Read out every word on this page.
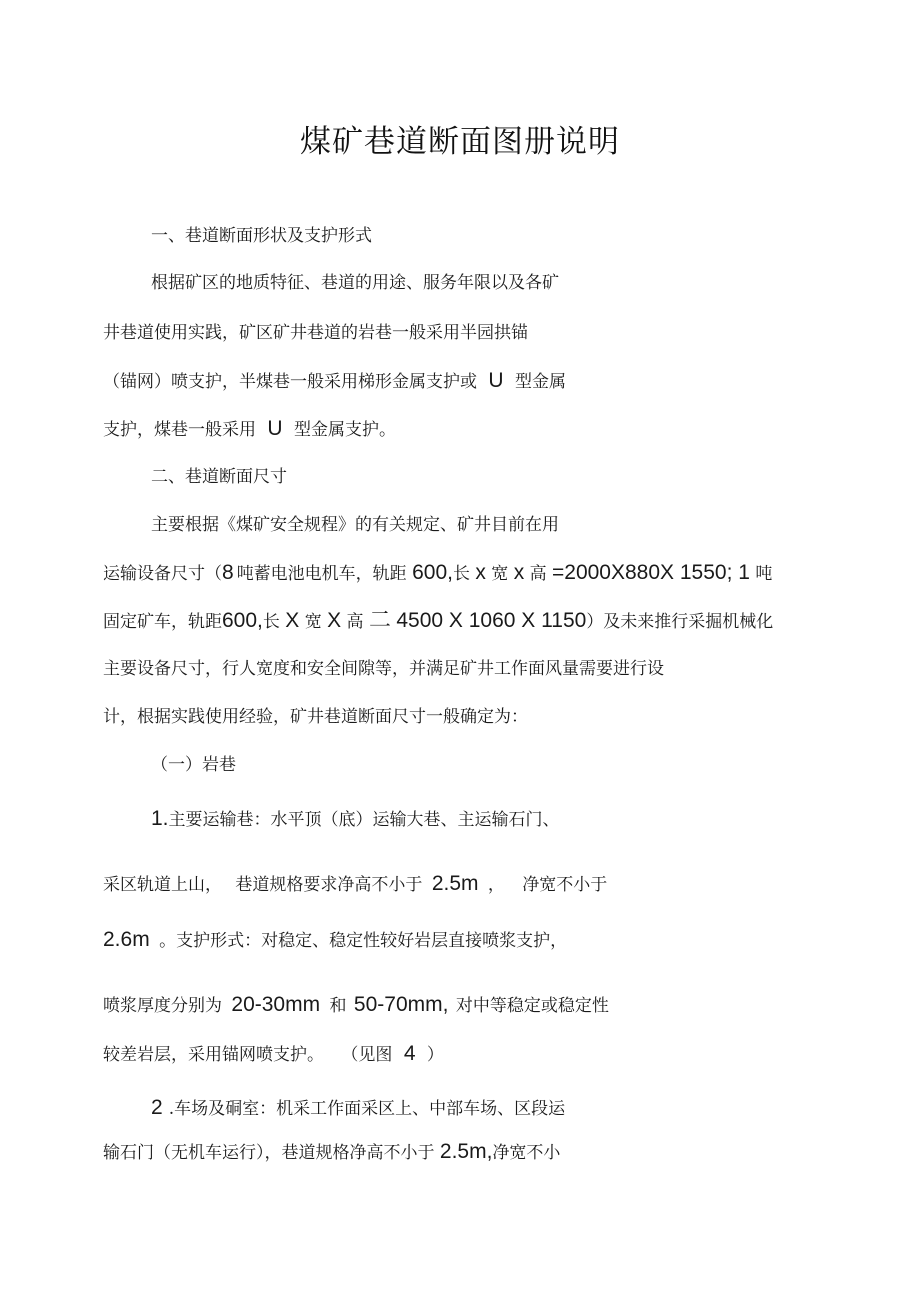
煤矿巷道断面图册说明
一、巷道断面形状及支护形式
根据矿区的地质特征、巷道的用途、服务年限以及各矿
井巷道使用实践，矿区矿井巷道的岩巷一般采用半园拱锚
（锚网）喷支护，半煤巷一般采用梯形金属支护或 U 型金属
支护，煤巷一般采用 U 型金属支护。
二、巷道断面尺寸
主要根据《煤矿安全规程》的有关规定、矿井目前在用
运输设备尺寸（8 吨蓄电池电机车，轨距 600,长 x 宽 x 高 =2000X880X 1550; 1 吨
固定矿车，轨距600,长 X 宽 X 高 二 4500 X 1060 X 1150）及未来推行采掘机械化
主要设备尺寸，行人宽度和安全间隙等，并满足矿井工作面风量需要进行设
计，根据实践使用经验，矿井巷道断面尺寸一般确定为：
（一）岩巷
1.主要运输巷：水平顶（底）运输大巷、主运输石门、
采区轨道上山， 巷道规格要求净高不小于 2.5m ， 净宽不小于
2.6m 。支护形式：对稳定、稳定性较好岩层直接喷浆支护，
喷浆厚度分别为 20-30mm 和 50-70mm, 对中等稳定或稳定性
较差岩层，采用锚网喷支护。 （见图 4 ）
2 .车场及硐室：机采工作面采区上、中部车场、区段运
输石门（无机车运行），巷道规格净高不小于 2.5m,净宽不小
